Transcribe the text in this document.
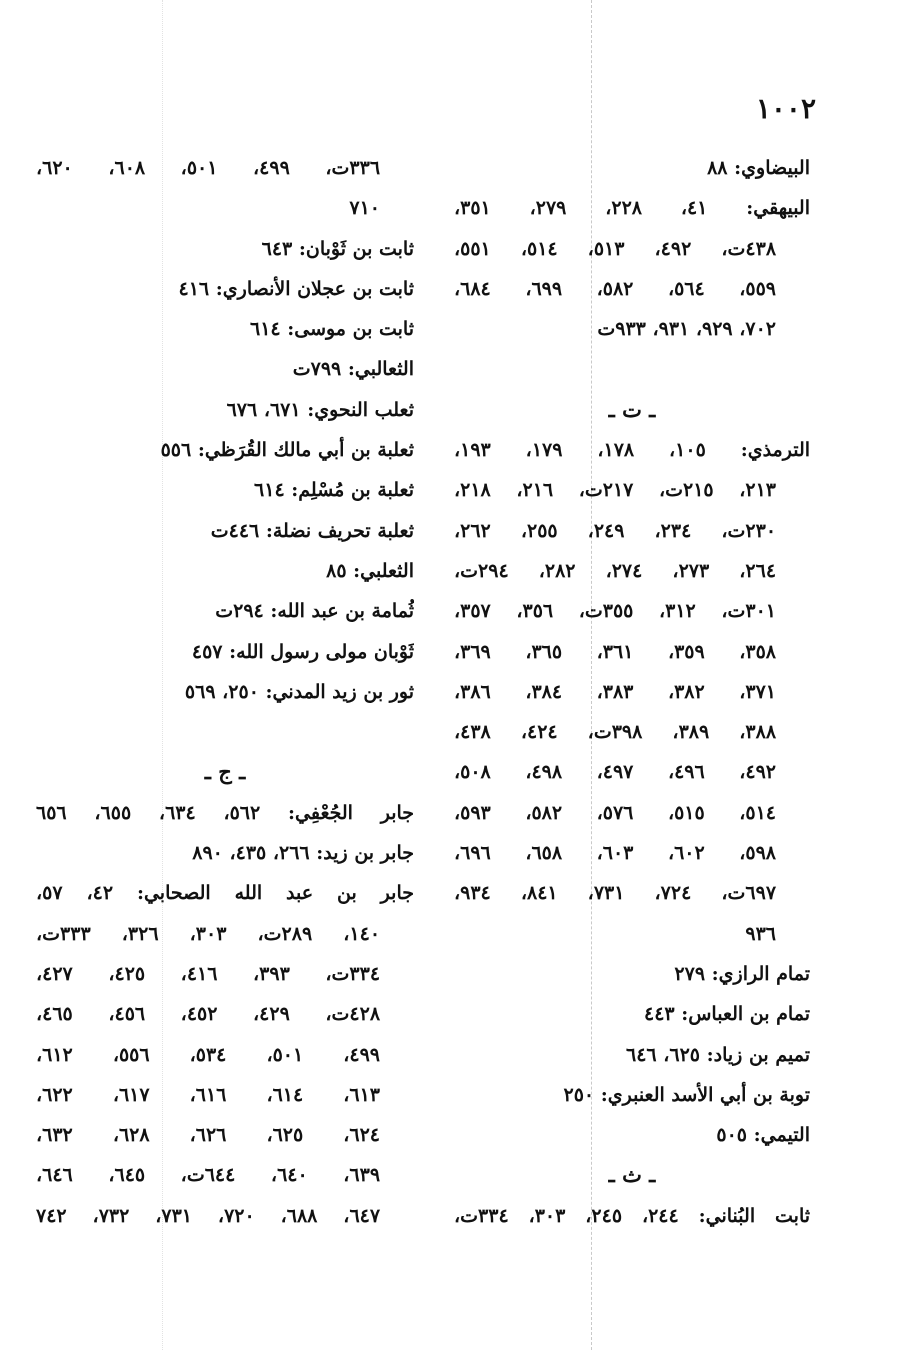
١٠٠٢
البيضاوي: ٨٨
البيهقي: ٤١، ٢٢٨، ٢٧٩، ٣٥١،
٤٣٨ت، ٤٩٢، ٥١٣، ٥١٤، ٥٥١،
٥٥٩، ٥٦٤، ٥٨٢، ٦٩٩، ٦٨٤،
٧٠٢، ٩٢٩، ٩٣١، ٩٣٣ت
ـ ت ـ
الترمذي: ١٠٥، ١٧٨، ١٧٩، ١٩٣،
٢١٣، ٢١٥ت، ٢١٧ت، ٢١٦، ٢١٨،
٢٣٠ت، ٢٣٤، ٢٤٩، ٢٥٥، ٢٦٢،
٢٦٤، ٢٧٣، ٢٧٤، ٢٨٢، ٢٩٤ت،
٣٠١ت، ٣١٢، ٣٥٥ت، ٣٥٦، ٣٥٧،
٣٥٨، ٣٥٩، ٣٦١، ٣٦٥، ٣٦٩،
٣٧١، ٣٨٢، ٣٨٣، ٣٨٤، ٣٨٦،
٣٨٨، ٣٨٩، ٣٩٨ت، ٤٢٤، ٤٣٨،
٤٩٢، ٤٩٦، ٤٩٧، ٤٩٨، ٥٠٨،
٥١٤، ٥١٥، ٥٧٦، ٥٨٢، ٥٩٣،
٥٩٨، ٦٠٢، ٦٠٣، ٦٥٨، ٦٩٦،
٦٩٧ت، ٧٢٤، ٧٣١، ٨٤١، ٩٣٤،
٩٣٦
تمام الرازي: ٢٧٩
تمام بن العباس: ٤٤٣
تميم بن زياد: ٦٢٥، ٦٤٦
توبة بن أبي الأسد العنبري: ٢٥٠
التيمي: ٥٠٥
ـ ث ـ
ثابت البُناني: ٢٤٤، ٢٤٥، ٣٠٣، ٣٣٤ت،
٣٣٦ت، ٤٩٩، ٥٠١، ٦٠٨، ٦٢٠،
٧١٠
ثابت بن ثَوْبان: ٦٤٣
ثابت بن عجلان الأنصاري: ٤١٦
ثابت بن موسى: ٦١٤
الثعالبي: ٧٩٩ت
ثعلب النحوي: ٦٧١، ٦٧٦
ثعلبة بن أبي مالك القُرَظي: ٥٥٦
ثعلبة بن مُسْلِم: ٦١٤
ثعلبة تحريف نضلة: ٤٤٦ت
الثعلبي: ٨٥
ثُمامة بن عبد الله: ٢٩٤ت
ثَوْبان مولى رسول الله: ٤٥٧
ثور بن زيد المدني: ٢٥٠، ٥٦٩
ـ ج ـ
جابر الجُعْفِي: ٥٦٢، ٦٣٤، ٦٥٥، ٦٥٦
جابر بن زيد: ٢٦٦، ٤٣٥، ٨٩٠
جابر بن عبد الله الصحابي: ٤٢، ٥٧،
١٤٠، ٢٨٩ت، ٣٠٣، ٣٢٦، ٣٣٣ت،
٣٣٤ت، ٣٩٣، ٤١٦، ٤٢٥، ٤٢٧،
٤٢٨ت، ٤٢٩، ٤٥٢، ٤٥٦، ٤٦٥،
٤٩٩، ٥٠١، ٥٣٤، ٥٥٦، ٦١٢،
٦١٣، ٦١٤، ٦١٦، ٦١٧، ٦٢٢،
٦٢٤، ٦٢٥، ٦٢٦، ٦٢٨، ٦٣٢،
٦٣٩، ٦٤٠، ٦٤٤ت، ٦٤٥، ٦٤٦،
٦٤٧، ٦٨٨، ٧٢٠، ٧٣١، ٧٣٢، ٧٤٢
